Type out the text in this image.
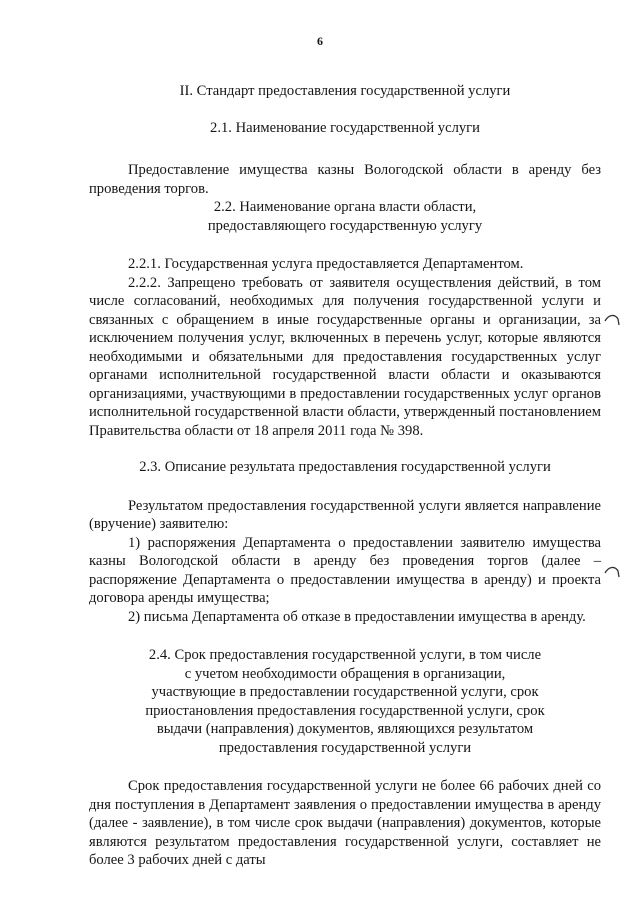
6

II. Стандарт предоставления государственной услуги

2.1. Наименование государственной услуги

Предоставление имущества казны Вологодской области в аренду без проведения торгов.

2.2. Наименование органа власти области,

предоставляющего государственную услугу

2.2.1. Государственная услуга предоставляется Департаментом.

2.2.2. Запрещено требовать от заявителя осуществления действий, в том числе согласований, необходимых для получения государственной услуги и связанных с обращением в иные государственные органы и организации, за исключением получения услуг, включенных в перечень услуг, которые являются необходимыми и обязательными для предоставления государственных услуг органами исполнительной государственной власти области и оказываются организациями, участвующими в предоставлении государственных услуг органов исполнительной государственной власти области, утвержденный постановлением Правительства области от 18 апреля 2011 года № 398.

2.3. Описание результата предоставления государственной услуги

Результатом предоставления государственной услуги является направление (вручение) заявителю:

1) распоряжения Департамента о предоставлении заявителю имущества казны Вологодской области в аренду без проведения торгов (далее – распоряжение Департамента о предоставлении имущества в аренду) и проекта договора аренды имущества;

2) письма Департамента об отказе в предоставлении имущества в аренду.

2.4. Срок предоставления государственной услуги, в том числе

с учетом необходимости обращения в организации,

участвующие в предоставлении государственной услуги, срок

приостановления предоставления государственной услуги, срок

выдачи (направления) документов, являющихся результатом

предоставления государственной услуги

Срок предоставления государственной услуги не более 66 рабочих дней со дня поступления в Департамент заявления о предоставлении имущества в аренду (далее - заявление), в том числе срок выдачи (направления) документов, которые являются результатом предоставления государственной услуги, составляет не более 3 рабочих дней с даты
